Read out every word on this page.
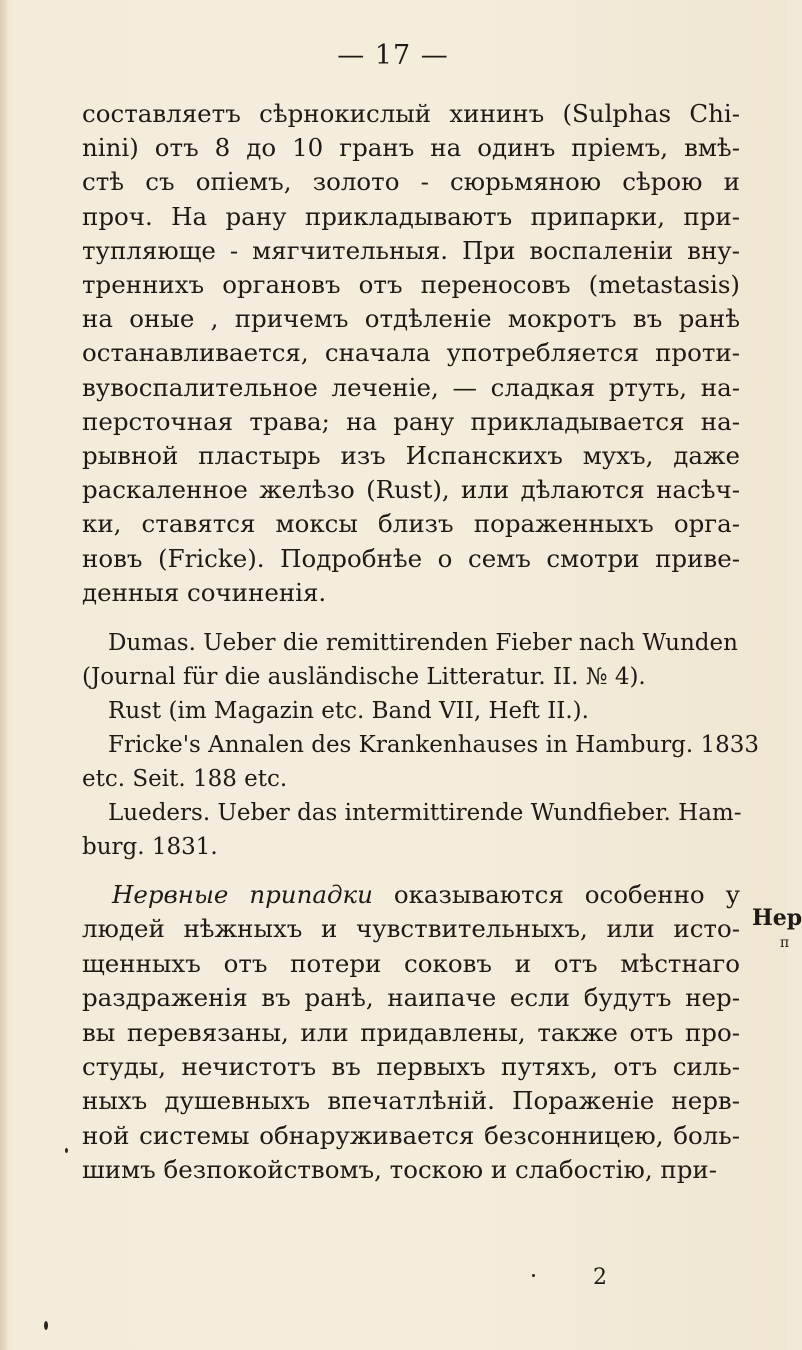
— 17 —
составляетъ сѣрнокислый хининъ (Sulphas Chi-
nini) отъ 8 до 10 гранъ на одинъ прiемъ, вмѣ-
стѣ съ опiемъ, золото - сюрьмяною сѣрою и
проч. На рану прикладываютъ припарки, при-
тупляюще - мягчительныя. При воспаленiи вну-
треннихъ органовъ отъ переносовъ (metastasis)
на оные , причемъ отдѣленiе мокротъ въ ранѣ
останавливается, сначала употребляется проти-
вувоспалительное леченiе, — сладкая ртуть, на-
персточная трава; на рану прикладывается на-
рывной пластырь изъ Испанскихъ мухъ, даже
раскаленное желѣзо (Rust), или дѣлаются насѣч-
ки, ставятся моксы близъ пораженныхъ орга-
новъ (Fricke). Подробнѣе о семъ смотри приве-
денныя сочиненiя.
Dumas. Ueber die remittirenden Fieber nach Wunden
(Journal für die ausländische Litteratur. II. № 4).
Rust (im Magazin etc. Band VII, Heft II.).
Fricke's Annalen des Krankenhauses in Hamburg. 1833
etc. Seit. 188 etc.
Lueders. Ueber das intermittirende Wundfieber. Ham-
burg. 1831.
Нервные припадки оказываются особенно у
людей нѣжныхъ и чувствительныхъ, или исто-
щенныхъ отъ потери соковъ и отъ мѣстнаго
раздраженiя въ ранѣ, наипаче если будутъ нер-
вы перевязаны, или придавлены, также отъ про-
студы, нечистотъ въ первыхъ путяхъ, отъ силь-
ныхъ душевныхъ впечатлѣнiй. Пораженiе нерв-
ной системы обнаруживается безсонницею, боль-
шимъ безпокойствомъ, тоскою и слабостiю, при-
Нер
п
2
